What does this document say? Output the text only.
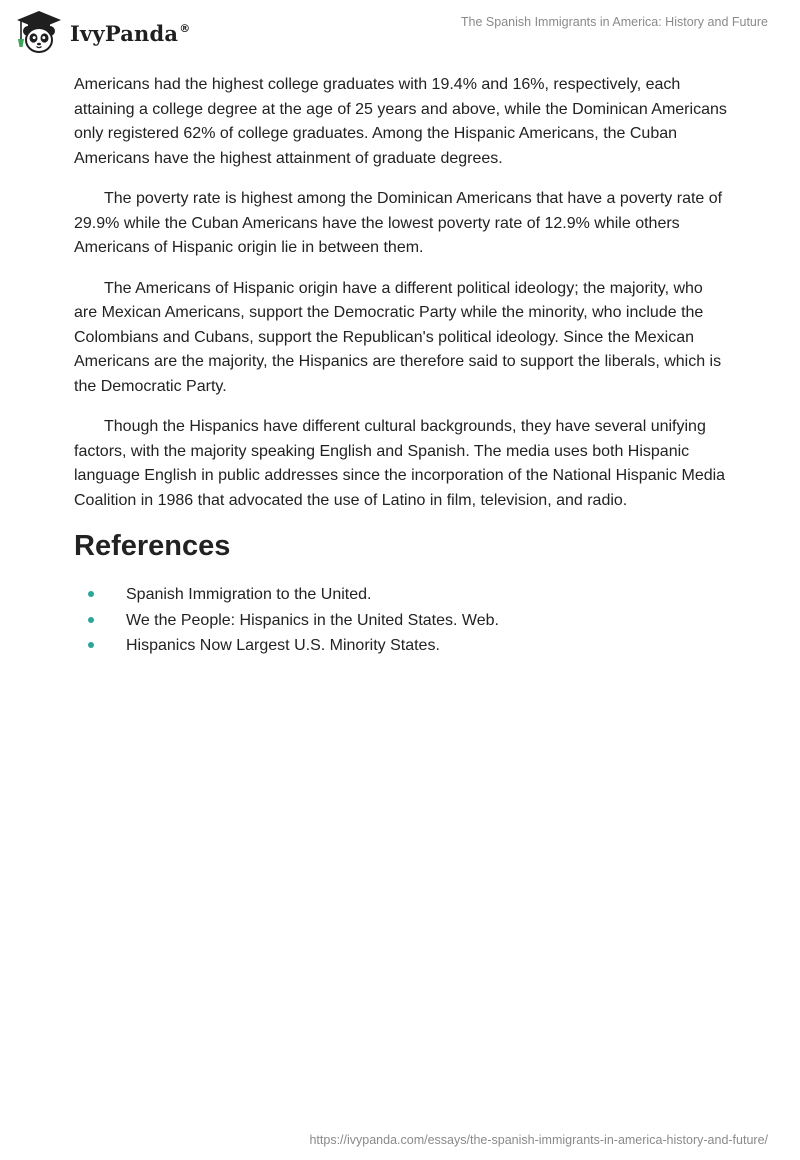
IvyPanda®	The Spanish Immigrants in America: History and Future

Americans had the highest college graduates with 19.4% and 16%, respectively, each attaining a college degree at the age of 25 years and above, while the Dominican Americans only registered 62% of college graduates. Among the Hispanic Americans, the Cuban Americans have the highest attainment of graduate degrees.

The poverty rate is highest among the Dominican Americans that have a poverty rate of 29.9% while the Cuban Americans have the lowest poverty rate of 12.9% while others Americans of Hispanic origin lie in between them.

The Americans of Hispanic origin have a different political ideology; the majority, who are Mexican Americans, support the Democratic Party while the minority, who include the Colombians and Cubans, support the Republican's political ideology. Since the Mexican Americans are the majority, the Hispanics are therefore said to support the liberals, which is the Democratic Party.

Though the Hispanics have different cultural backgrounds, they have several unifying factors, with the majority speaking English and Spanish. The media uses both Hispanic language English in public addresses since the incorporation of the National Hispanic Media Coalition in 1986 that advocated the use of Latino in film, television, and radio.

References
Spanish Immigration to the United.
We the People: Hispanics in the United States. Web.
Hispanics Now Largest U.S. Minority States.
https://ivypanda.com/essays/the-spanish-immigrants-in-america-history-and-future/
